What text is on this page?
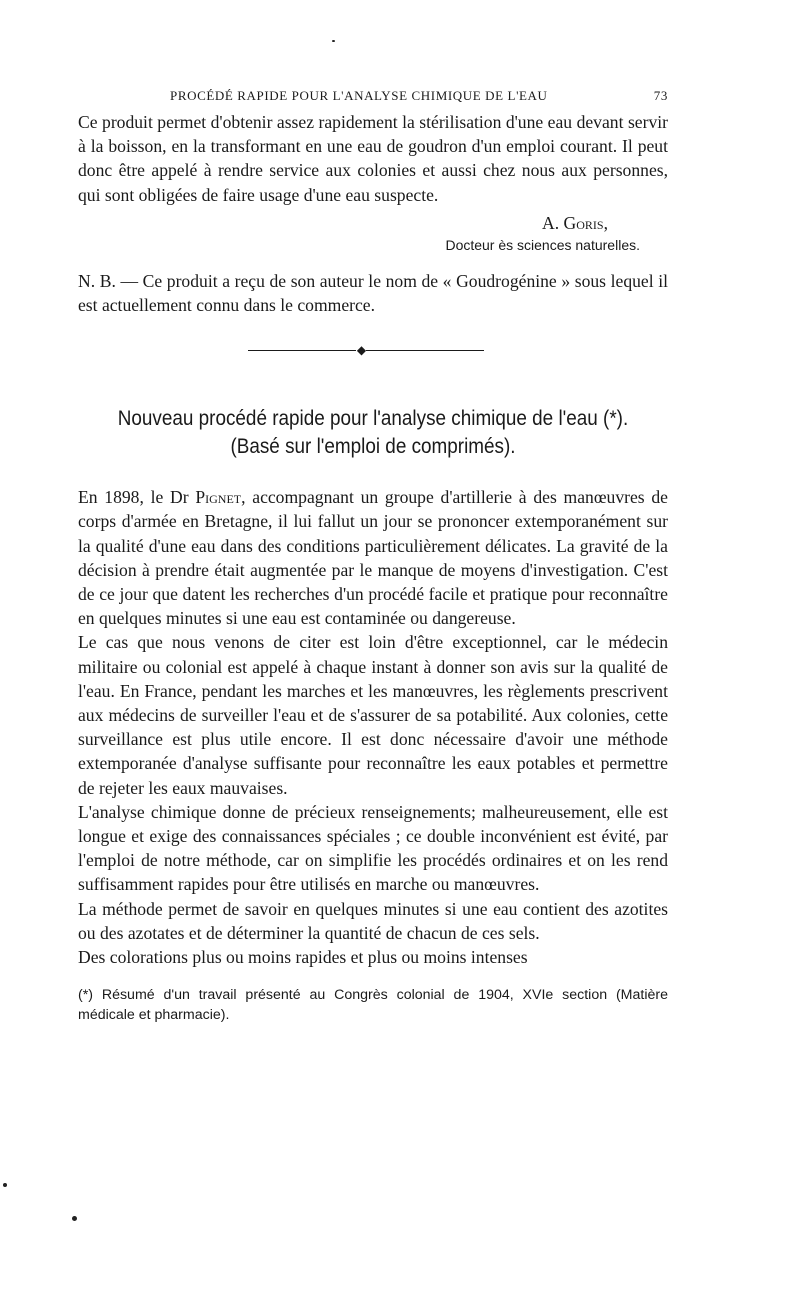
PROCÉDÉ RAPIDE POUR L'ANALYSE CHIMIQUE DE L'EAU	73

Ce produit permet d'obtenir assez rapidement la stérilisation d'une eau devant servir à la boisson, en la transformant en une eau de goudron d'un emploi courant. Il peut donc être appelé à rendre service aux colonies et aussi chez nous aux personnes, qui sont obligées de faire usage d'une eau suspecte.

A. Goris,
Docteur ès sciences naturelles.

N. B. — Ce produit a reçu de son auteur le nom de « Goudrogénine » sous lequel il est actuellement connu dans le commerce.

◆
Nouveau procédé rapide pour l'analyse chimique de l'eau (*).
(Basé sur l'emploi de comprimés).

En 1898, le Dr Pignet, accompagnant un groupe d'artillerie à des manœuvres de corps d'armée en Bretagne, il lui fallut un jour se prononcer extemporanément sur la qualité d'une eau dans des conditions particulièrement délicates. La gravité de la décision à prendre était augmentée par le manque de moyens d'investigation. C'est de ce jour que datent les recherches d'un procédé facile et pratique pour reconnaître en quelques minutes si une eau est contaminée ou dangereuse.

Le cas que nous venons de citer est loin d'être exceptionnel, car le médecin militaire ou colonial est appelé à chaque instant à donner son avis sur la qualité de l'eau. En France, pendant les marches et les manœuvres, les règlements prescrivent aux médecins de surveiller l'eau et de s'assurer de sa potabilité. Aux colonies, cette surveillance est plus utile encore. Il est donc nécessaire d'avoir une méthode extemporanée d'analyse suffisante pour reconnaître les eaux potables et permettre de rejeter les eaux mauvaises.

L'analyse chimique donne de précieux renseignements; malheureusement, elle est longue et exige des connaissances spéciales ; ce double inconvénient est évité, par l'emploi de notre méthode, car on simplifie les procédés ordinaires et on les rend suffisamment rapides pour être utilisés en marche ou manœuvres.

La méthode permet de savoir en quelques minutes si une eau contient des azotites ou des azotates et de déterminer la quantité de chacun de ces sels.

Des colorations plus ou moins rapides et plus ou moins intenses

(*) Résumé d'un travail présenté au Congrès colonial de 1904, XVIe section (Matière médicale et pharmacie).
